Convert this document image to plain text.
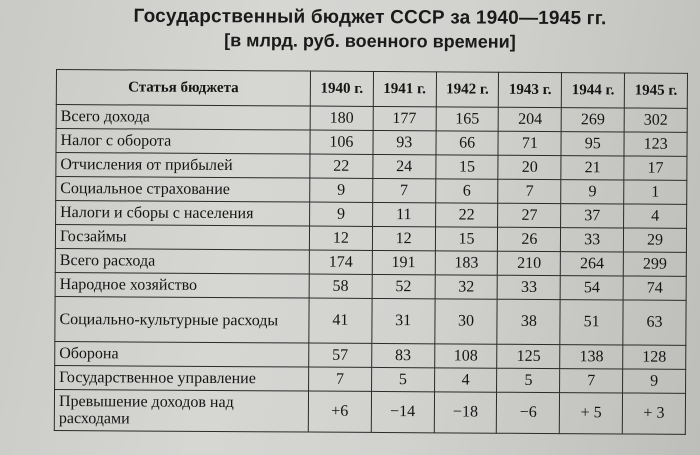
Государственный бюджет СССР за 1940—1945 гг.
[в млрд. руб. военного времени]
Статья бюджета	1940 г.	1941 г.	1942 г.	1943 г.	1944 г.	1945 г.
Всего дохода	180	177	165	204	269	302
Налог с оборота	106	93	66	71	95	123
Отчисления от прибылей	22	24	15	20	21	17
Социальное страхование	9	7	6	7	9	1
Налоги и сборы с населения	9	11	22	27	37	4
Госзаймы	12	12	15	26	33	29
Всего расхода	174	191	183	210	264	299
Народное хозяйство	58	52	32	33	54	74
Социально-культурные расходы	41	31	30	38	51	63
Оборона	57	83	108	125	138	128
Государственное управление	7	5	4	5	7	9
Превышение доходов над расходами	+6	−14	−18	−6	+ 5	+ 3
